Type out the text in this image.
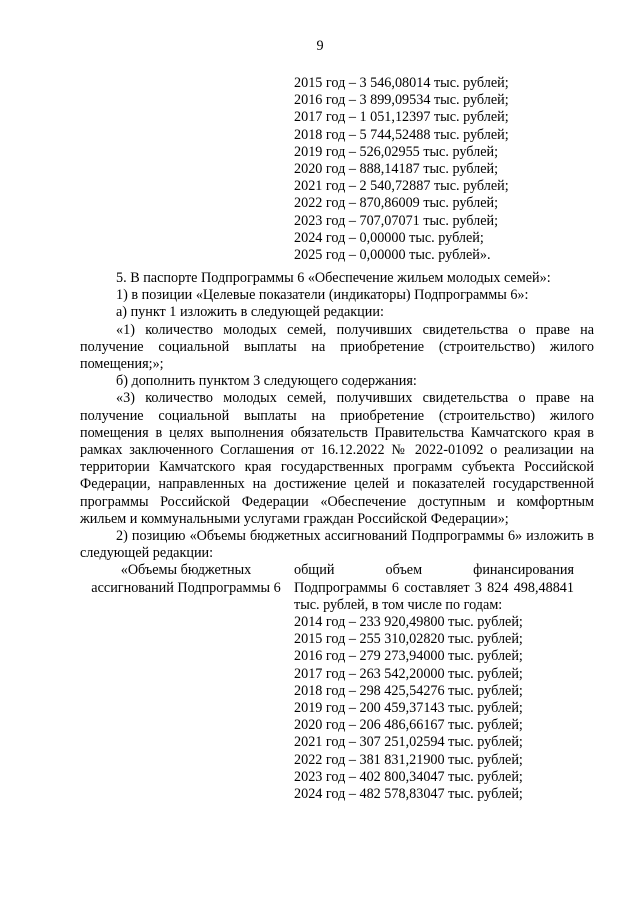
9
2015 год – 3 546,08014 тыс. рублей;
2016 год – 3 899,09534 тыс. рублей;
2017 год – 1 051,12397 тыс. рублей;
2018 год – 5 744,52488 тыс. рублей;
2019 год – 526,02955 тыс. рублей;
2020 год – 888,14187 тыс. рублей;
2021 год – 2 540,72887 тыс. рублей;
2022 год – 870,86009 тыс. рублей;
2023 год – 707,07071 тыс. рублей;
2024 год – 0,00000 тыс. рублей;
2025 год – 0,00000 тыс. рублей».

5. В паспорте Подпрограммы 6 «Обеспечение жильем молодых семей»:

1) в позиции «Целевые показатели (индикаторы) Подпрограммы 6»:

а) пункт 1 изложить в следующей редакции:

«1) количество молодых семей, получивших свидетельства о праве на получение социальной выплаты на приобретение (строительство) жилого помещения;»;

б) дополнить пунктом 3 следующего содержания:

«3) количество молодых семей, получивших свидетельства о праве на получение социальной выплаты на приобретение (строительство) жилого помещения в целях выполнения обязательств Правительства Камчатского края в рамках заключенного Соглашения от 16.12.2022 № 2022-01092 о реализации на территории Камчатского края государственных программ субъекта Российской Федерации, направленных на достижение целей и показателей государственной программы Российской Федерации «Обеспечение доступным и комфортным жильем и коммунальными услугами граждан Российской Федерации»;

2) позицию «Объемы бюджетных ассигнований Подпрограммы 6» изложить в следующей редакции:

«Объемы бюджетных
ассигнований Подпрограммы 6
общий объем финансирования Подпрограммы 6 составляет 3 824 498,48841 тыс. рублей, в том числе по годам:
2014 год – 233 920,49800 тыс. рублей;
2015 год – 255 310,02820 тыс. рублей;
2016 год – 279 273,94000 тыс. рублей;
2017 год – 263 542,20000 тыс. рублей;
2018 год – 298 425,54276 тыс. рублей;
2019 год – 200 459,37143 тыс. рублей;
2020 год – 206 486,66167 тыс. рублей;
2021 год – 307 251,02594 тыс. рублей;
2022 год – 381 831,21900 тыс. рублей;
2023 год – 402 800,34047 тыс. рублей;
2024 год – 482 578,83047 тыс. рублей;
